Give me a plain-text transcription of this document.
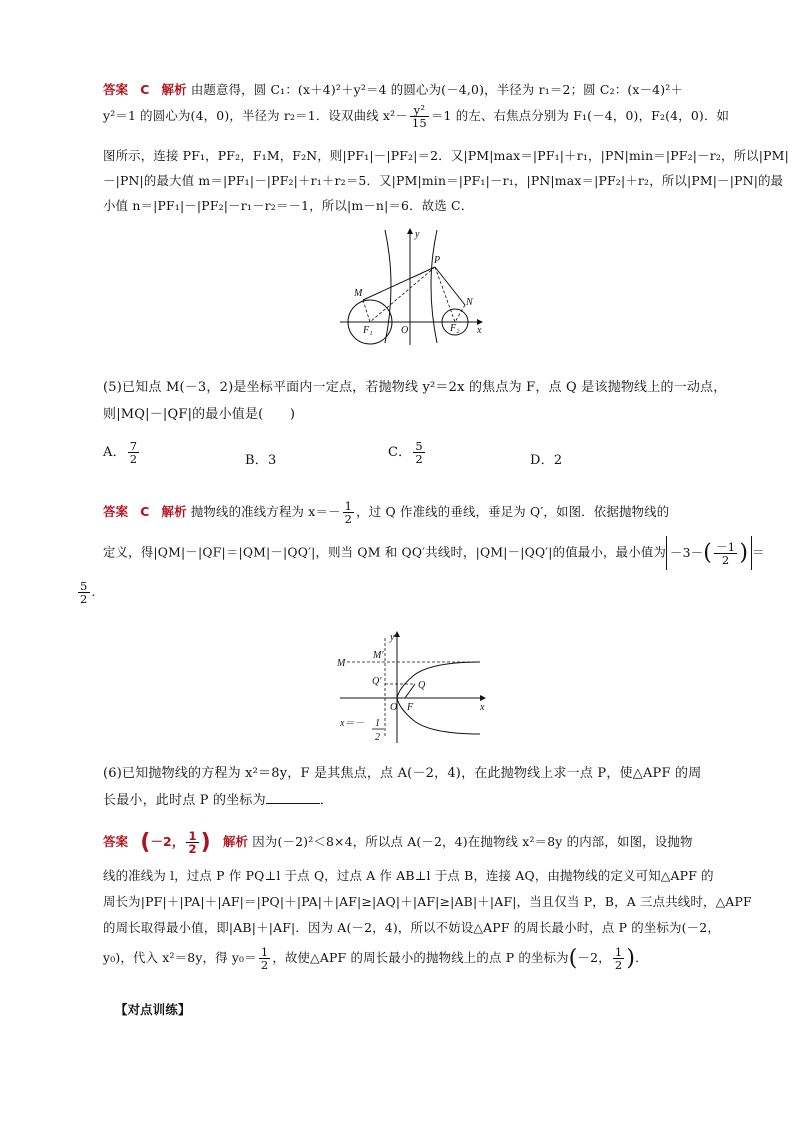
答案 C 解析 由题意得，圆 C₁：(x＋4)²＋y²＝4 的圆心为(－4,0)，半径为 r₁＝2；圆 C₂：(x－4)²＋
y²＝1 的圆心为(4，0)，半径为 r₂＝1．设双曲线 $x^2- \frac{\text{y²}}{15} =1$ 的左、右焦点分别为 F₁(－4，0)，F₂(4，0)．如
图所示，连接 PF₁，PF₂，F₁M，F₂N，则|PF₁|－|PF₂|＝2．又|PM|max＝|PF₁|＋r₁，|PN|min＝|PF₂|－r₂，所以|PM|
－|PN|的最大值 m＝|PF₁|－|PF₂|＋r₁＋r₂＝5．又|PM|min＝|PF₁|－r₁，|PN|max＝|PF₂|＋r₂，所以|PM|－|PN|的最
小值 n＝|PF₁|－|PF₂|－r₁－r₂＝－1，所以|m－n|＝6．故选 C．
y
P
M
N
F₁	O	F₂ x
(5)已知点 M(－3，2)是坐标平面内一定点，若抛物线 y²＝2x 的焦点为 F，点 Q 是该抛物线上的一动点，
则|MQ|－|QF|的最小值是(　　)
A． $\frac{7}{2}$	B．3
C． $\frac{5}{2}$	D．2
答案 C 解析 抛物线的准线方程为 $x=- \frac{1}{2}$ ，过 Q 作准线的垂线，垂足为 Q′，如图．依据抛物线的
定义，得|QM|－|QF|＝|QM|－|QQ′|，则当 QM 和 QQ′共线时，|QM|－|QQ′|的值最小，最小值为 $-3-( \frac{-1}{2}$ ) ＝
$\frac{5}{2}$ .
y
M
M′
Q′	Q
O F	x
x＝－ 1
2
(6)已知抛物线的方程为 x²＝8y，F 是其焦点，点 A(－2，4)，在此抛物线上求一点 P，使△APF 的周
长最小，此时点 P 的坐标为	．
答案 (－2， $\frac{1}{2}$ ) 解析 因为(－2)²＜8×4，所以点 A(－2，4)在抛物线 x²＝8y 的内部，如图，设抛物
线的准线为 l，过点 P 作 PQ⊥l 于点 Q，过点 A 作 AB⊥l 于点 B，连接 AQ，由抛物线的定义可知△APF 的
周长为|PF|＋|PA|＋|AF|＝|PQ|＋|PA|＋|AF|≥|AQ|＋|AF|≥|AB|＋|AF|，当且仅当 P，B，A 三点共线时，△APF
的周长取得最小值，即|AB|＋|AF|．因为 A(－2，4)，所以不妨设△APF 的周长最小时，点 P 的坐标为(－2，
y₀)，代入 x²＝8y，得 $y_0= \frac{1}{2}$ ，故使△APF 的周长最小的抛物线上的点 P 的坐标为(－2， $\frac{1}{2}$ )．
【对点训练】
